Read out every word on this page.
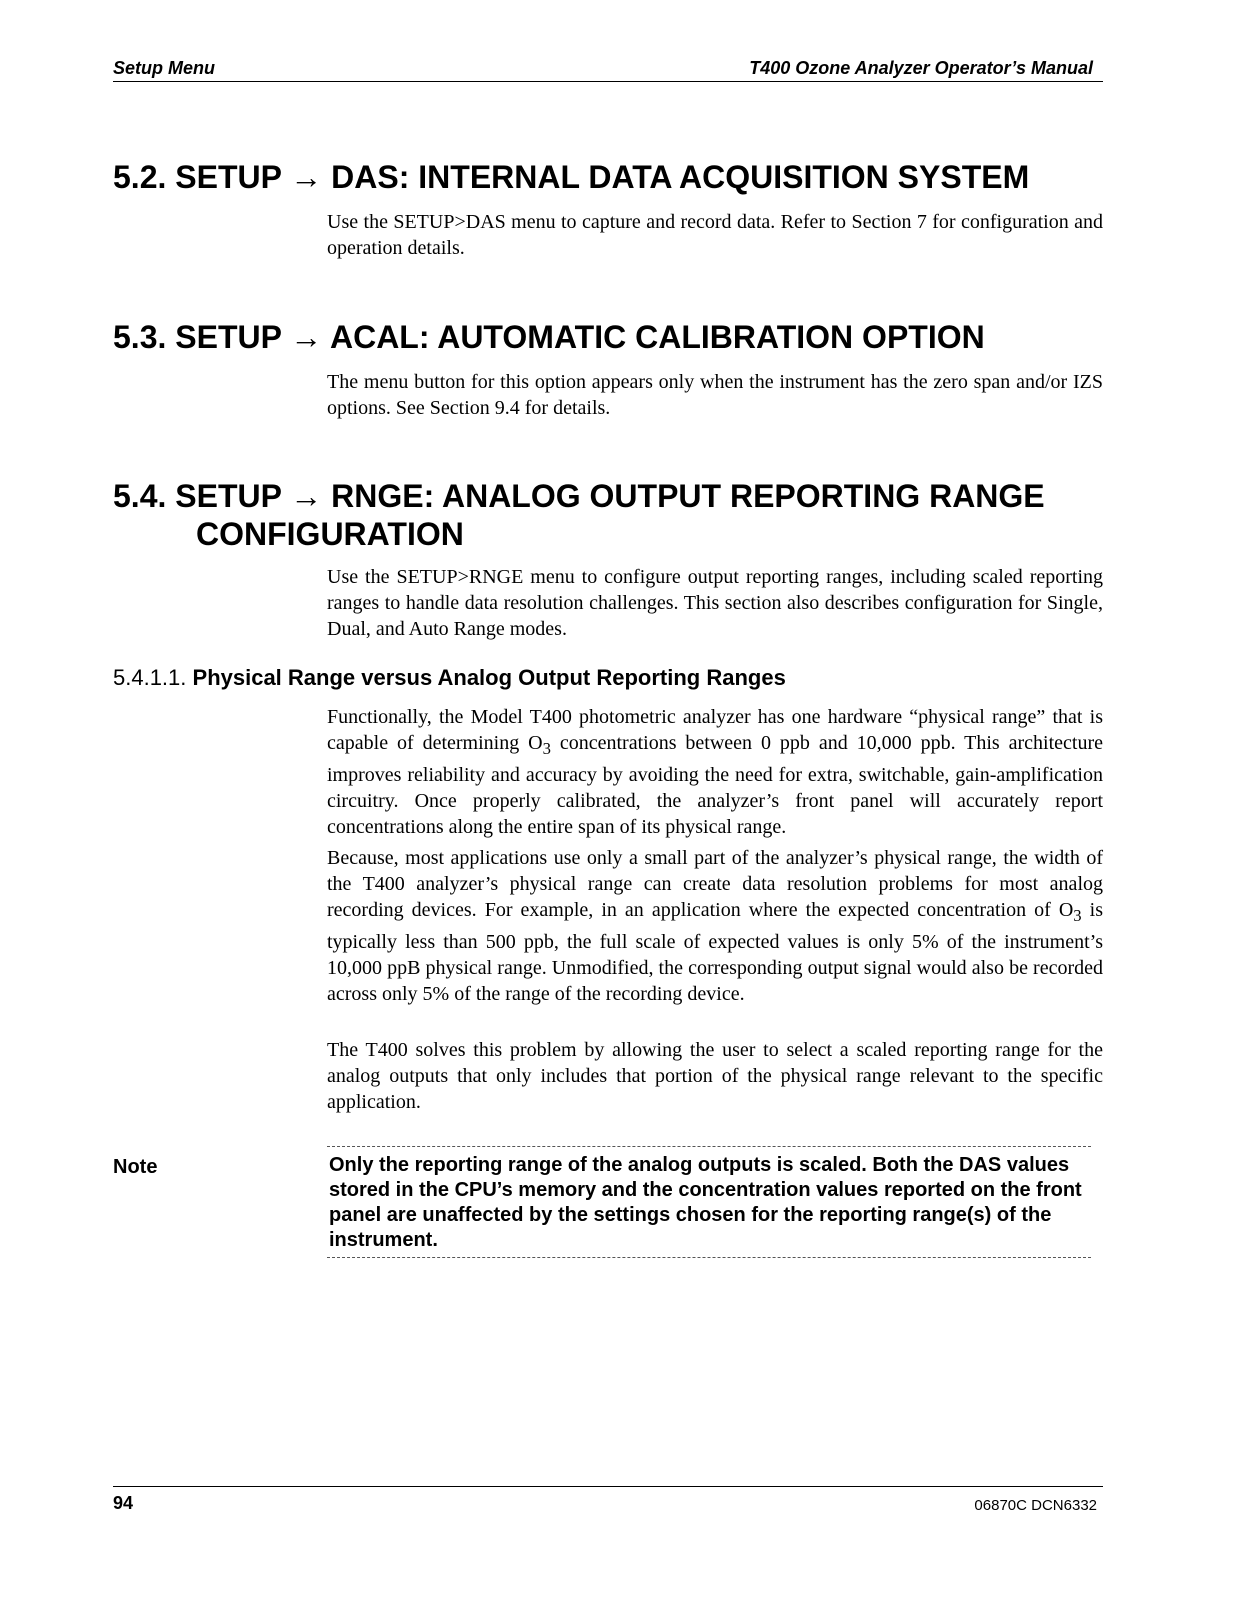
Setup Menu	T400 Ozone Analyzer Operator’s Manual
5.2. SETUP → DAS: INTERNAL DATA ACQUISITION SYSTEM

Use the SETUP>DAS menu to capture and record data. Refer to Section 7 for configuration and operation details.

5.3. SETUP → ACAL: AUTOMATIC CALIBRATION OPTION

The menu button for this option appears only when the instrument has the zero span and/or IZS options. See Section 9.4 for details.

5.4. SETUP → RNGE: ANALOG OUTPUT REPORTING RANGE
CONFIGURATION

Use the SETUP>RNGE menu to configure output reporting ranges, including scaled reporting ranges to handle data resolution challenges. This section also describes configuration for Single, Dual, and Auto Range modes.

5.4.1.1. Physical Range versus Analog Output Reporting Ranges

Functionally, the Model T400 photometric analyzer has one hardware “physical range” that is capable of determining $O_3$ concentrations between 0 ppb and 10,000 ppb. This architecture improves reliability and accuracy by avoiding the need for extra, switchable, gain-amplification circuitry. Once properly calibrated, the analyzer’s front panel will accurately report concentrations along the entire span of its physical range.

Because, most applications use only a small part of the analyzer’s physical range, the width of the T400 analyzer’s physical range can create data resolution problems for most analog recording devices. For example, in an application where the expected concentration of $O_3$ is typically less than 500 ppb, the full scale of expected values is only 5% of the instrument’s 10,000 ppB physical range. Unmodified, the corresponding output signal would also be recorded across only 5% of the range of the recording device.

The T400 solves this problem by allowing the user to select a scaled reporting range for the analog outputs that only includes that portion of the physical range relevant to the specific application.

Note	Only the reporting range of the analog outputs is scaled. Both the DAS values stored in the CPU’s memory and the concentration values reported on the front panel are unaffected by the settings chosen for the reporting range(s) of the instrument.
94	06870C DCN6332
